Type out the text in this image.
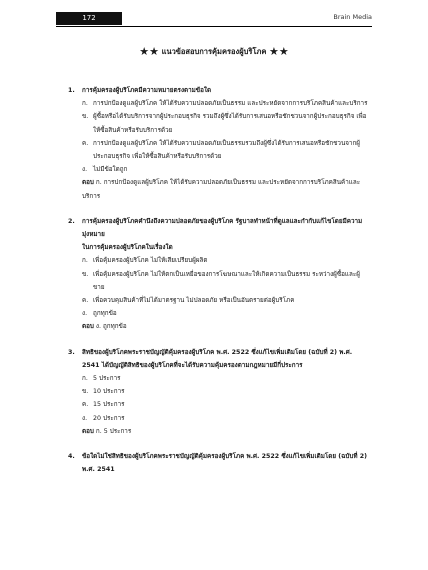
172	Brain Media
★★ แนวข้อสอบการคุ้มครองผู้บริโภค ★★
1.	การคุ้มครองผู้บริโภคมีความหมายตรงตามข้อใด
ก. การปกป้องดูแลผู้บริโภค ให้ได้รับความปลอดภัยเป็นธรรม และประหยัดจากการบริโภคสินค้าและบริการ
ข. ผู้ซื้อหรือได้รับบริการจากผู้ประกอบธุรกิจ รวมถึงผู้ซึ่งได้รับการเสนอหรือชักชวนจากผู้ประกอบธุรกิจ เพื่อให้ซื้อสินค้าหรือรับบริการด้วย
ค. การปกป้องดูแลผู้บริโภค ให้ได้รับความปลอดภัยเป็นธรรมรวมถึงผู้ซึ่งได้รับการเสนอหรือชักชวนจากผู้ประกอบธุรกิจ เพื่อให้ซื้อสินค้าหรือรับบริการด้วย
ง. ไม่มีข้อใดถูก
ตอบ ก. การปกป้องดูแลผู้บริโภค ให้ได้รับความปลอดภัยเป็นธรรม และประหยัดจากการบริโภคสินค้าและบริการ
2.	การคุ้มครองผู้บริโภคคำนึงถึงความปลอดภัยของผู้บริโภค รัฐบาลทำหน้าที่ดูแลและกำกับแก้ไขโดยมีความมุ่งหมาย
ในการคุ้มครองผู้บริโภคในเรื่องใด
ก. เพื่อคุ้มครองผู้บริโภค ไม่ให้เสียเปรียบผู้ผลิต
ข. เพื่อคุ้มครองผู้บริโภค ไม่ให้ตกเป็นเหยื่อของการโฆษณาและให้เกิดความเป็นธรรม ระหว่างผู้ซื้อและผู้ขาย
ค. เพื่อควบคุมสินค้าที่ไม่ได้มาตรฐาน ไม่ปลอดภัย หรือเป็นอันตรายต่อผู้บริโภค
ง. ถูกทุกข้อ
ตอบ ง. ถูกทุกข้อ
3.	สิทธิของผู้บริโภคพระราชบัญญัติคุ้มครองผู้บริโภค พ.ศ. 2522 ซึ่งแก้ไขเพิ่มเติมโดย (ฉบับที่ 2) พ.ศ. 2541 ได้บัญญัติสิทธิของผู้บริโภคที่จะได้รับความคุ้มครองตามกฎหมายมีกี่ประการ
ก. 5 ประการ
ข. 10 ประการ
ค. 15 ประการ
ง. 20 ประการ
ตอบ ก. 5 ประการ
4.	ข้อใดไม่ใช่สิทธิของผู้บริโภคพระราชบัญญัติคุ้มครองผู้บริโภค พ.ศ. 2522 ซึ่งแก้ไขเพิ่มเติมโดย (ฉบับที่ 2) พ.ศ. 2541
